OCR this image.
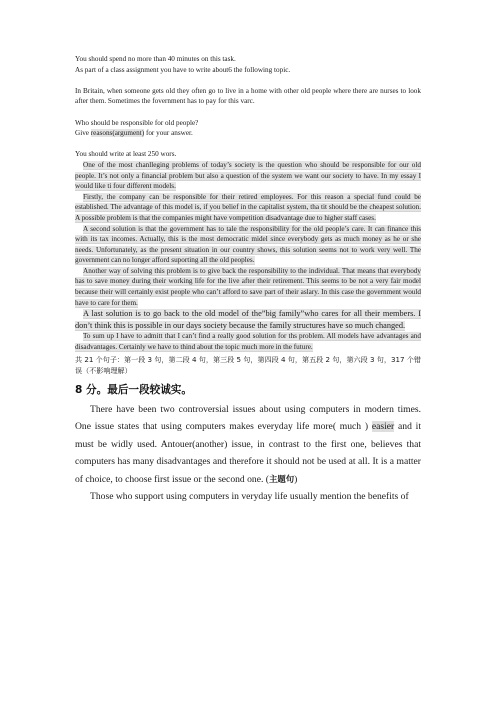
You should spend no more than 40 minutes on this task.

As part of a class assignment you have to write about6 the following topic.

In Britain, when someone gets old they often go to live in a home with other old people where there are nurses to look after them. Sometimes the fovernment has to pay for this varc.

Who should be responsible for old people?

Give reasons(argument) for your answer.

You should write at least 250 wors.

One of the most chanlleging problems of today’s society is the question who should be responsible for our old people. It’s not only a financial problem but also a question of the system we want our society to have. In my essay I would like ti four different models.

Firstly, the company can be responsible for their retired employees. For this reason a special fund could be established. The advantage of this model is, if you belief in the capitalist system, tha tit should be the cheapest solution. A possible problem is that the companies might have vompetition disadvantage due to higher staff cases.

A second solution is that the government has to tale the responsibility for the old people’s care. It can finance this with its tax incomes. Actually, this is the most democratic midel since everybody gets as much money as he or she needs. Unfortunately, as the present situation in our country shows, this solution seems not to work very well. The government can no longer afford suporting all the old peoples.

Another way of solving this problem is to give back the responsibility to the individual. That means that everybody has to save money during their working life for the live after their retirement. This seems to be not a very fair model because their will certainly exist people who can’t afford to save part of their aslary. In this case the government would have to care for them.

A last solution is to go back to the old model of the”big family”who cares for all their members. I don’t think this is possible in our days society because the family structures have so much changed.

To sum up I have to admitt that I can’t find a really good solution for ths problem. All models have advantages and disadvantages. Certainly we have to thind about the topic much more in the future.

共 21 个句子：第一段 3 句，第二段 4 句，第三段 5 句，第四段 4 句，第五段 2 句，第六段 3 句，317 个错误（不影响理解）

8 分。最后一段较诚实。

There have been two controversial issues about using computers in modern times. One issue states that using computers makes everyday life more( much ) easier and it must be widly used. Antouer(another) issue, in contrast to the first one, believes that computers has many disadvantages and therefore it should not be used at all. It is a matter of choice, to choose first issue or the second one. (主题句)

Those who support using computers in veryday life usually mention the benefits of
